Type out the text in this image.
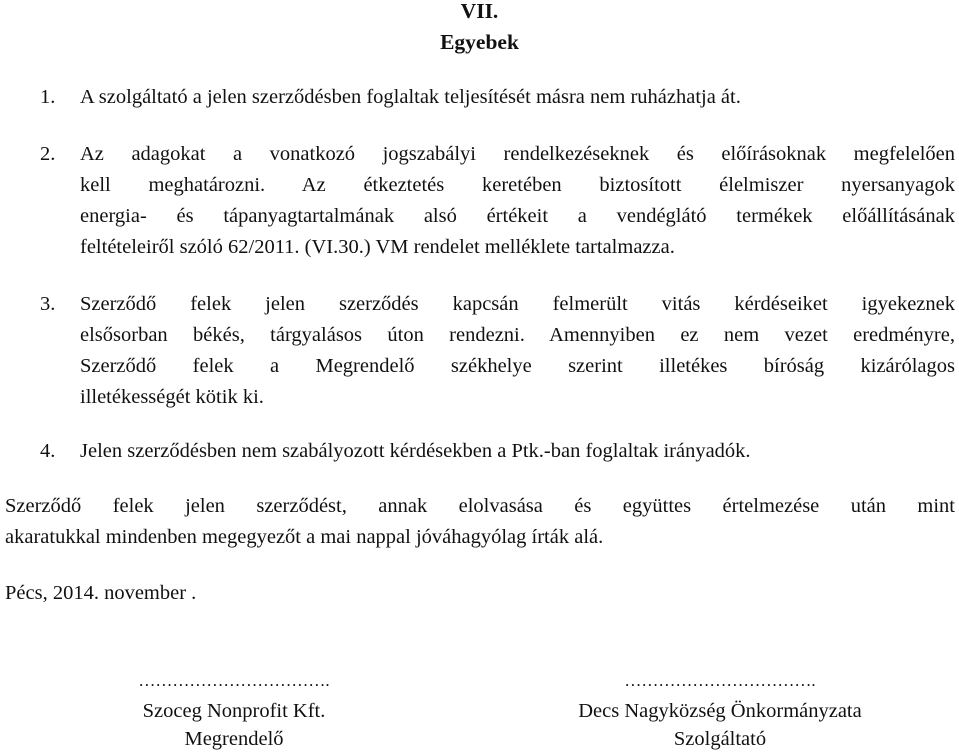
VII.
Egyebek
1. A szolgáltató a jelen szerződésben foglaltak teljesítését másra nem ruházhatja át.
2. Az adagokat a vonatkozó jogszabályi rendelkezéseknek és előírásoknak megfelelően
kell meghatározni. Az étkeztetés keretében biztosított élelmiszer nyersanyagok
energia- és tápanyagtartalmának alsó értékeit a vendéglátó termékek előállításának
feltételeiről szóló 62/2011. (VI.30.) VM rendelet melléklete tartalmazza.
3. Szerződő felek jelen szerződés kapcsán felmerült vitás kérdéseiket igyekeznek
elsősorban békés, tárgyalásos úton rendezni. Amennyiben ez nem vezet eredményre,
Szerződő felek a Megrendelő székhelye szerint illetékes bíróság kizárólagos
illetékességét kötik ki.
4. Jelen szerződésben nem szabályozott kérdésekben a Ptk.-ban foglaltak irányadók.
Szerződő felek jelen szerződést, annak elolvasása és együttes értelmezése után mint
akaratukkal mindenben megegyezőt a mai nappal jóváhagyólag írták alá.
Pécs, 2014. november .
…………………………….
Szoceg Nonprofit Kft.
Megrendelő
…………………………….
Decs Nagyközség Önkormányzata
Szolgáltató
